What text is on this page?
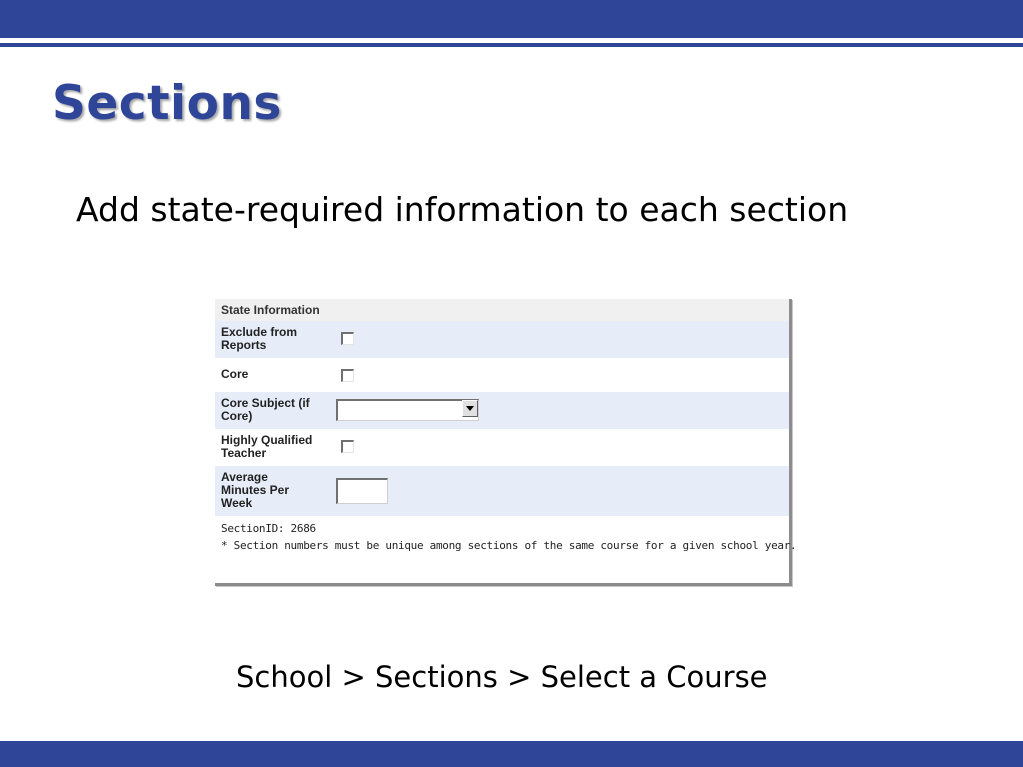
Sections

Add state-required information to each section

State Information
Exclude from Reports
Core
Core Subject (if Core)
Highly Qualified Teacher
Average Minutes Per Week
SectionID: 2686
* Section numbers must be unique among sections of the same course for a given school year.

School > Sections > Select a Course
